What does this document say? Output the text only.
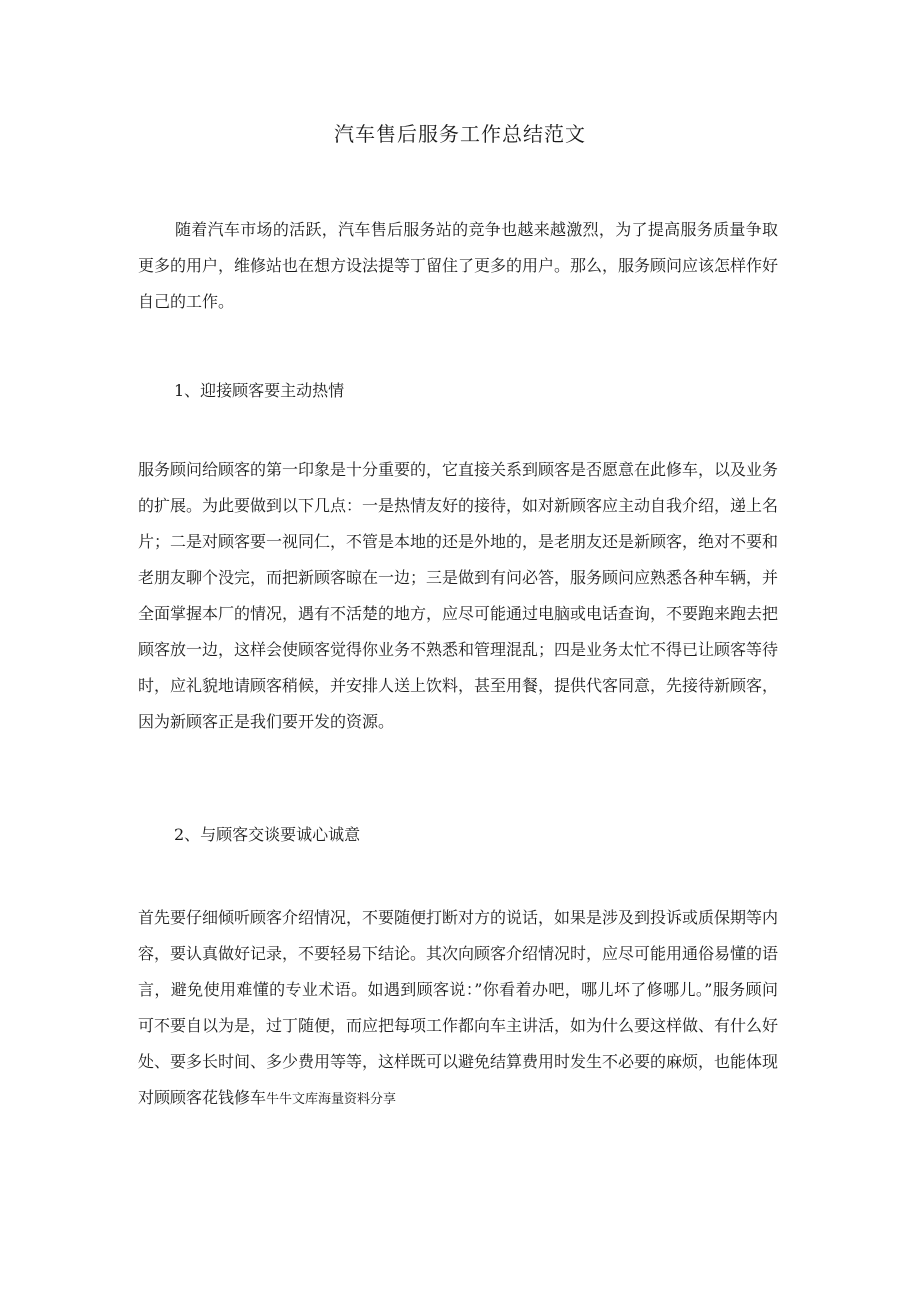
汽车售后服务工作总结范文

随着汽车市场的活跃，汽车售后服务站的竞争也越来越激烈，为了提高服务质量争取更多的用户，维修站也在想方设法提等丁留住了更多的用户。那么，服务顾问应该怎样作好自己的工作。

1、迎接顾客要主动热情

服务顾问给顾客的第一印象是十分重要的，它直接关系到顾客是否愿意在此修车，以及业务的扩展。为此要做到以下几点：一是热情友好的接待，如对新顾客应主动自我介绍，递上名片；二是对顾客要一视同仁，不管是本地的还是外地的，是老朋友还是新顾客，绝对不要和老朋友聊个没完，而把新顾客晾在一边；三是做到有问必答，服务顾问应熟悉各种车辆，并全面掌握本厂的情况，遇有不活楚的地方，应尽可能通过电脑或电话查询，不要跑来跑去把顾客放一边，这样会使顾客觉得你业务不熟悉和管理混乱；四是业务太忙不得已让顾客等待时，应礼貌地请顾客稍候，并安排人送上饮料，甚至用餐，提供代客同意，先接待新顾客，因为新顾客正是我们要开发的资源。

2、与顾客交谈要诚心诚意

首先要仔细倾听顾客介绍情况，不要随便打断对方的说话，如果是涉及到投诉或质保期等内容，要认真做好记录，不要轻易下结论。其次向顾客介绍情况时，应尽可能用通俗易懂的语言，避免使用难懂的专业术语。如遇到顾客说：”你看着办吧，哪儿坏了修哪儿。”服务顾问可不要自以为是，过丁随便，而应把每项工作都向车主讲活，如为什么要这样做、有什么好处、要多长时间、多少费用等等，这样既可以避免结算费用时发生不必要的麻烦，也能体现对顾顾客花钱修车牛牛文库海量资料分享
